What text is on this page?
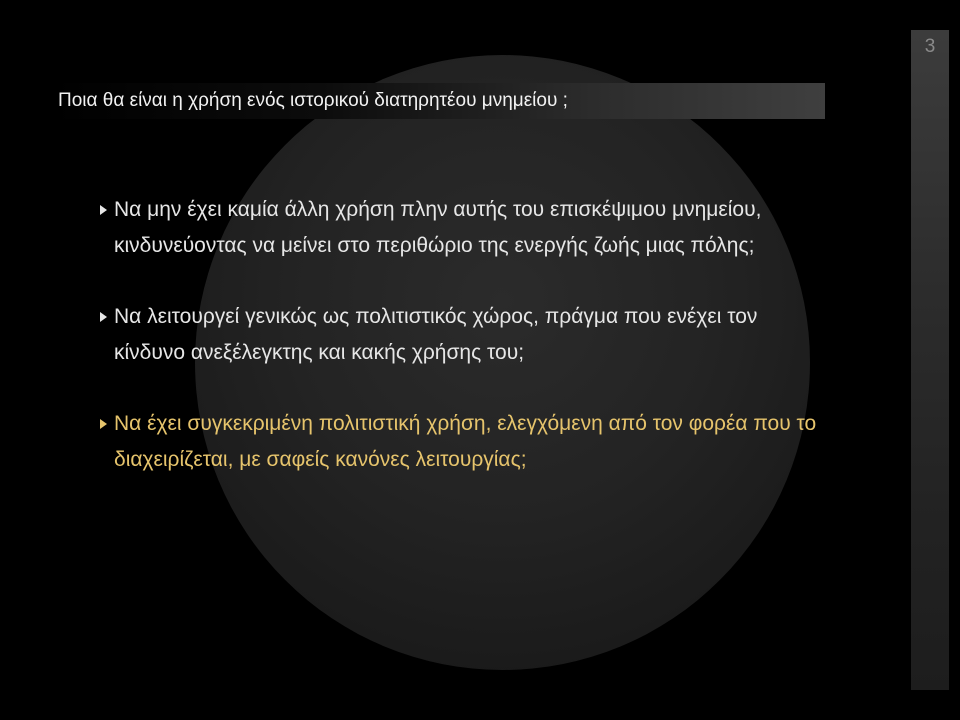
3
Ποια θα είναι η χρήση ενός ιστορικού διατηρητέου μνημείου ;
Να μην έχει καμία άλλη χρήση πλην αυτής του επισκέψιμου μνημείου, κινδυνεύοντας να μείνει στο περιθώριο της ενεργής ζωής μιας πόλης;
Να λειτουργεί γενικώς ως πολιτιστικός χώρος, πράγμα που ενέχει τον κίνδυνο ανεξέλεγκτης και κακής χρήσης του;
Να έχει συγκεκριμένη πολιτιστική χρήση, ελεγχόμενη από τον φορέα που το διαχειρίζεται, με σαφείς κανόνες λειτουργίας;
